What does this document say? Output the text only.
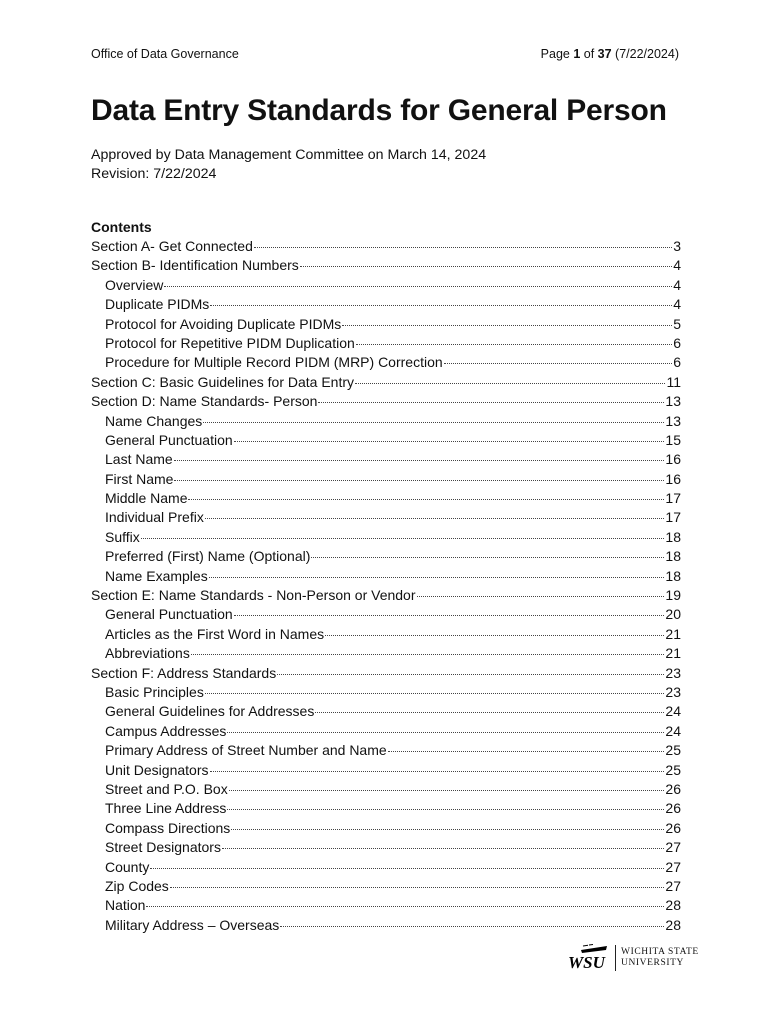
Office of Data Governance	Page 1 of 37 (7/22/2024)
Data Entry Standards for General Person
Approved by Data Management Committee on March 14, 2024
Revision: 7/22/2024
Contents
Section A- Get Connected	3
Section B- Identification Numbers	4
Overview	4
Duplicate PIDMs	4
Protocol for Avoiding Duplicate PIDMs	5
Protocol for Repetitive PIDM Duplication	6
Procedure for Multiple Record PIDM (MRP) Correction	6
Section C: Basic Guidelines for Data Entry	11
Section D: Name Standards- Person	13
Name Changes	13
General Punctuation	15
Last Name	16
First Name	16
Middle Name	17
Individual Prefix	17
Suffix	18
Preferred (First) Name (Optional)	18
Name Examples	18
Section E: Name Standards - Non-Person or Vendor	19
General Punctuation	20
Articles as the First Word in Names	21
Abbreviations	21
Section F: Address Standards	23
Basic Principles	23
General Guidelines for Addresses	24
Campus Addresses	24
Primary Address of Street Number and Name	25
Unit Designators	25
Street and P.O. Box	26
Three Line Address	26
Compass Directions	26
Street Designators	27
County	27
Zip Codes	27
Nation	28
Military Address – Overseas	28
WSU
WICHITA STATE
UNIVERSITY
